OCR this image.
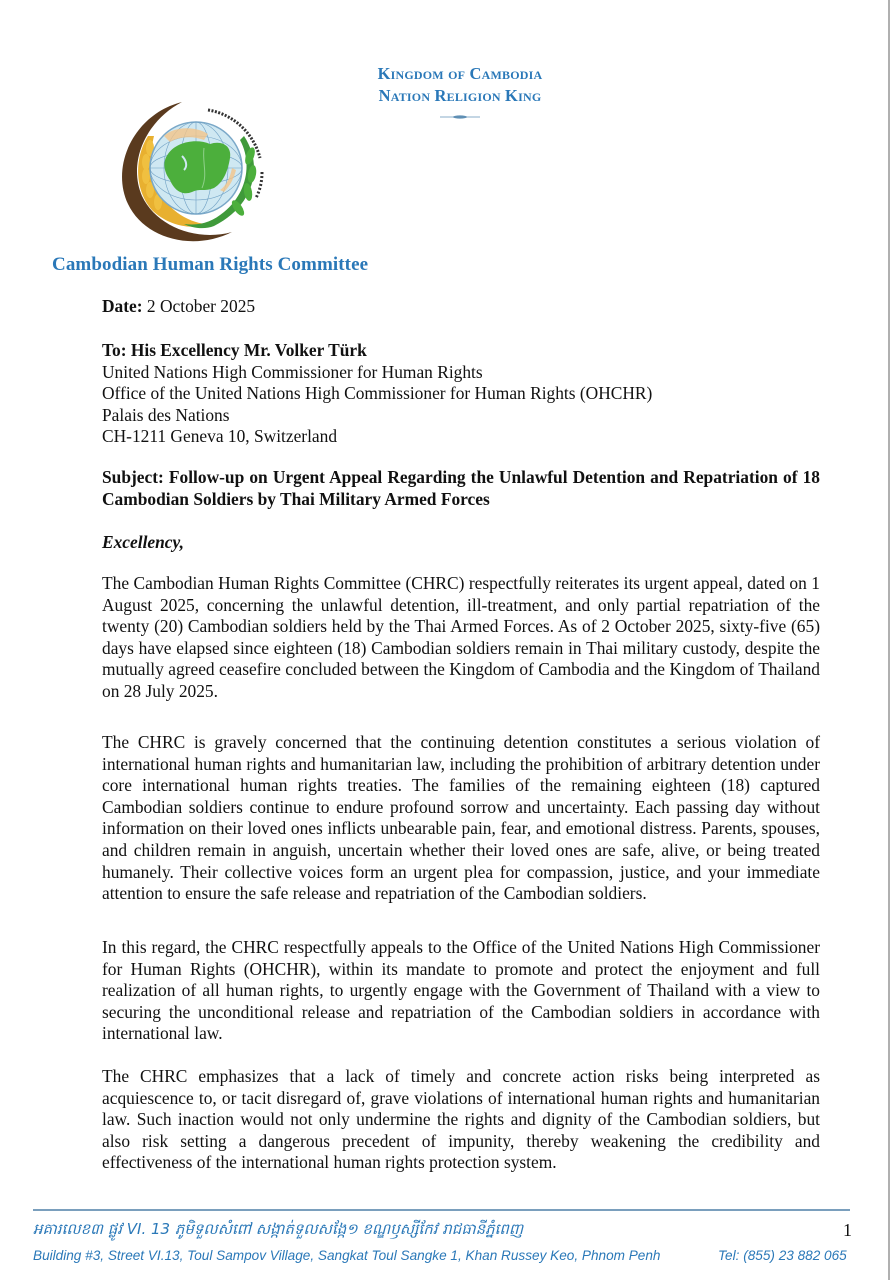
Cambodian Human Rights Committee
Kingdom of Cambodia
Nation Religion King
Date: 2 October 2025
To: His Excellency Mr. Volker Türk
United Nations High Commissioner for Human Rights
Office of the United Nations High Commissioner for Human Rights (OHCHR)
Palais des Nations
CH-1211 Geneva 10, Switzerland
Subject: Follow-up on Urgent Appeal Regarding the Unlawful Detention and Repatriation of 18 Cambodian Soldiers by Thai Military Armed Forces
Excellency,
The Cambodian Human Rights Committee (CHRC) respectfully reiterates its urgent appeal, dated on 1 August 2025, concerning the unlawful detention, ill-treatment, and only partial repatriation of the twenty (20) Cambodian soldiers held by the Thai Armed Forces. As of 2 October 2025, sixty-five (65) days have elapsed since eighteen (18) Cambodian soldiers remain in Thai military custody, despite the mutually agreed ceasefire concluded between the Kingdom of Cambodia and the Kingdom of Thailand on 28 July 2025.
The CHRC is gravely concerned that the continuing detention constitutes a serious violation of international human rights and humanitarian law, including the prohibition of arbitrary detention under core international human rights treaties. The families of the remaining eighteen (18) captured Cambodian soldiers continue to endure profound sorrow and uncertainty. Each passing day without information on their loved ones inflicts unbearable pain, fear, and emotional distress. Parents, spouses, and children remain in anguish, uncertain whether their loved ones are safe, alive, or being treated humanely. Their collective voices form an urgent plea for compassion, justice, and your immediate attention to ensure the safe release and repatriation of the Cambodian soldiers.
In this regard, the CHRC respectfully appeals to the Office of the United Nations High Commissioner for Human Rights (OHCHR), within its mandate to promote and protect the enjoyment and full realization of all human rights, to urgently engage with the Government of Thailand with a view to securing the unconditional release and repatriation of the Cambodian soldiers in accordance with international law.
The CHRC emphasizes that a lack of timely and concrete action risks being interpreted as acquiescence to, or tacit disregard of, grave violations of international human rights and humanitarian law. Such inaction would not only undermine the rights and dignity of the Cambodian soldiers, but also risk setting a dangerous precedent of impunity, thereby weakening the credibility and effectiveness of the international human rights protection system.
អគារលេខ៣ ផ្លូវ VI. 13 ភូមិទួលសំពៅ សង្កាត់ទួលសង្កែ១ ខណ្ឌឫស្សីកែវ រាជធានីភ្នំពេញ	1
Building #3, Street VI.13, Toul Sampov Village, Sangkat Toul Sangke 1, Khan Russey Keo, Phnom Penh	Tel: (855) 23 882 065
